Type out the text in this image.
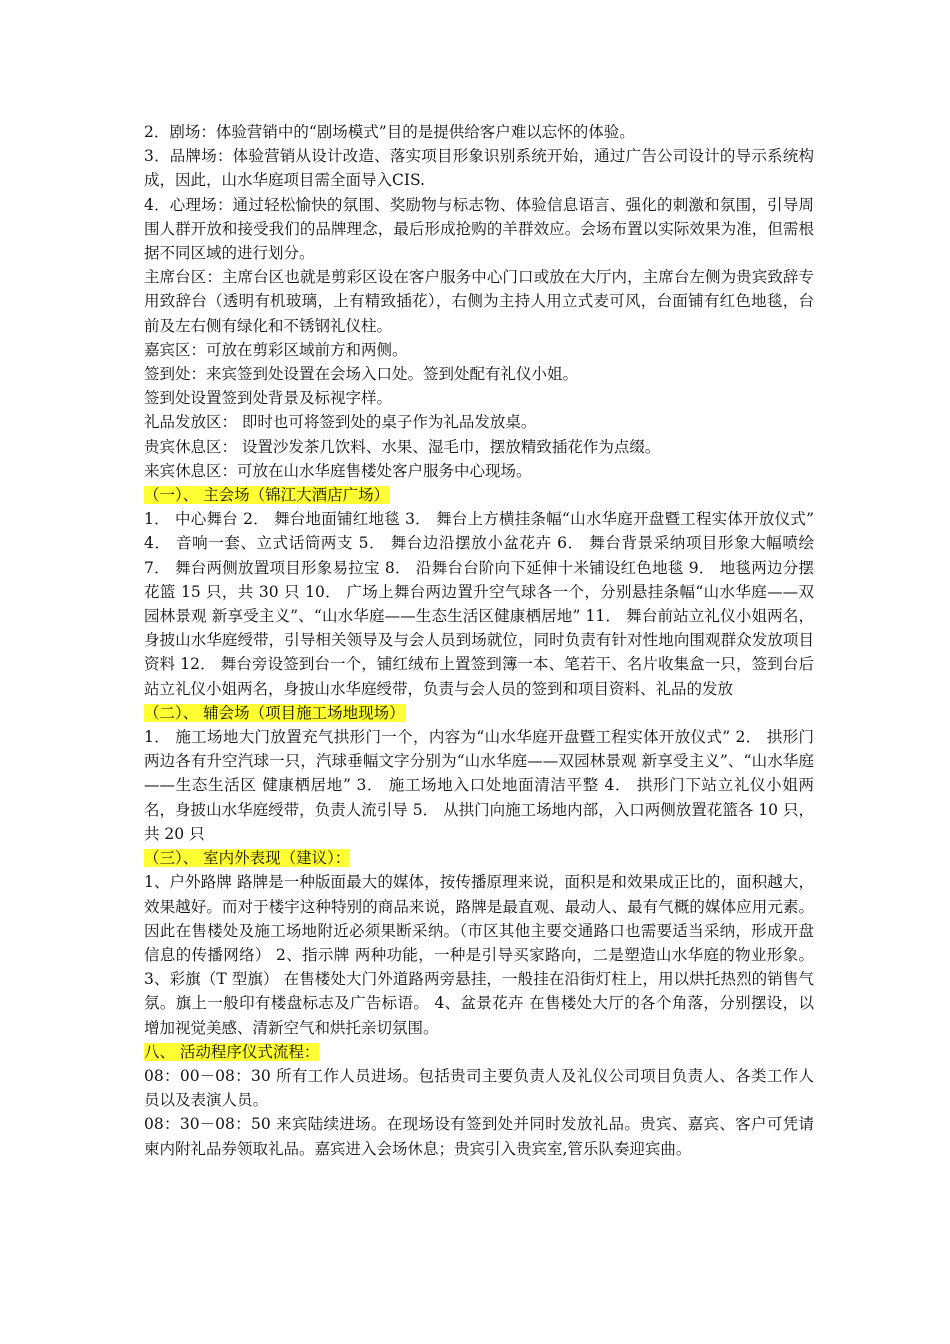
2．剧场：体验营销中的“剧场模式”目的是提供给客户难以忘怀的体验。

3．品牌场：体验营销从设计改造、落实项目形象识别系统开始，通过广告公司设计的导示系统构成，因此，山水华庭项目需全面导入CIS.

4．心理场：通过轻松愉快的氛围、奖励物与标志物、体验信息语言、强化的刺激和氛围，引导周围人群开放和接受我们的品牌理念，最后形成抢购的羊群效应。会场布置以实际效果为准，但需根据不同区域的进行划分。

主席台区：主席台区也就是剪彩区设在客户服务中心门口或放在大厅内，主席台左侧为贵宾致辞专用致辞台（透明有机玻璃，上有精致插花），右侧为主持人用立式麦可风，台面铺有红色地毯，台前及左右侧有绿化和不锈钢礼仪柱。

嘉宾区：可放在剪彩区域前方和两侧。

签到处：来宾签到处设置在会场入口处。签到处配有礼仪小姐。

签到处设置签到处背景及标视字样。

礼品发放区： 即时也可将签到处的桌子作为礼品发放桌。

贵宾休息区： 设置沙发茶几饮料、水果、湿毛巾，摆放精致插花作为点缀。

来宾休息区：可放在山水华庭售楼处客户服务中心现场。

（一）、 主会场（锦江大酒店广场）

1． 中心舞台 2． 舞台地面铺红地毯 3． 舞台上方横挂条幅“山水华庭开盘暨工程实体开放仪式” 4． 音响一套、立式话筒两支 5． 舞台边沿摆放小盆花卉 6． 舞台背景采纳项目形象大幅喷绘 7． 舞台两侧放置项目形象易拉宝 8． 沿舞台台阶向下延伸十米铺设红色地毯 9． 地毯两边分摆花篮 15 只，共 30 只 10． 广场上舞台两边置升空气球各一个，分别悬挂条幅“山水华庭——双园林景观 新享受主义”、“山水华庭——生态生活区健康栖居地” 11． 舞台前站立礼仪小姐两名，身披山水华庭绶带，引导相关领导及与会人员到场就位，同时负责有针对性地向围观群众发放项目资料 12． 舞台旁设签到台一个，铺红绒布上置签到簿一本、笔若干、名片收集盒一只，签到台后站立礼仪小姐两名，身披山水华庭绶带，负责与会人员的签到和项目资料、礼品的发放

（二）、 辅会场（项目施工场地现场）

1． 施工场地大门放置充气拱形门一个，内容为“山水华庭开盘暨工程实体开放仪式” 2． 拱形门两边各有升空汽球一只，汽球垂幅文字分别为“山水华庭——双园林景观 新享受主义”、“山水华庭——生态生活区 健康栖居地” 3． 施工场地入口处地面清洁平整 4． 拱形门下站立礼仪小姐两名，身披山水华庭绶带，负责人流引导 5． 从拱门向施工场地内部，入口两侧放置花篮各 10 只，共 20 只

（三）、 室内外表现（建议）：

1、户外路牌 路牌是一种版面最大的媒体，按传播原理来说，面积是和效果成正比的，面积越大， 效果越好。而对于楼宇这种特别的商品来说，路牌是最直观、最动人、最有气概的媒体应用元素。因此在售楼处及施工场地附近必须果断采纳。（市区其他主要交通路口也需要适当采纳，形成开盘信息的传播网络） 2、指示牌 两种功能，一种是引导买家路向，二是塑造山水华庭的物业形象。 3、彩旗（T 型旗） 在售楼处大门外道路两旁悬挂，一般挂在沿街灯柱上，用以烘托热烈的销售气氛。旗上一般印有楼盘标志及广告标语。 4、盆景花卉 在售楼处大厅的各个角落，分别摆设，以增加视觉美感、清新空气和烘托亲切氛围。

八、 活动程序仪式流程：

08：00－08：30 所有工作人员进场。包括贵司主要负责人及礼仪公司项目负责人、各类工作人员以及表演人员。

08：30－08：50 来宾陆续进场。在现场设有签到处并同时发放礼品。贵宾、嘉宾、客户可凭请柬内附礼品券领取礼品。嘉宾进入会场休息；贵宾引入贵宾室,管乐队奏迎宾曲。
